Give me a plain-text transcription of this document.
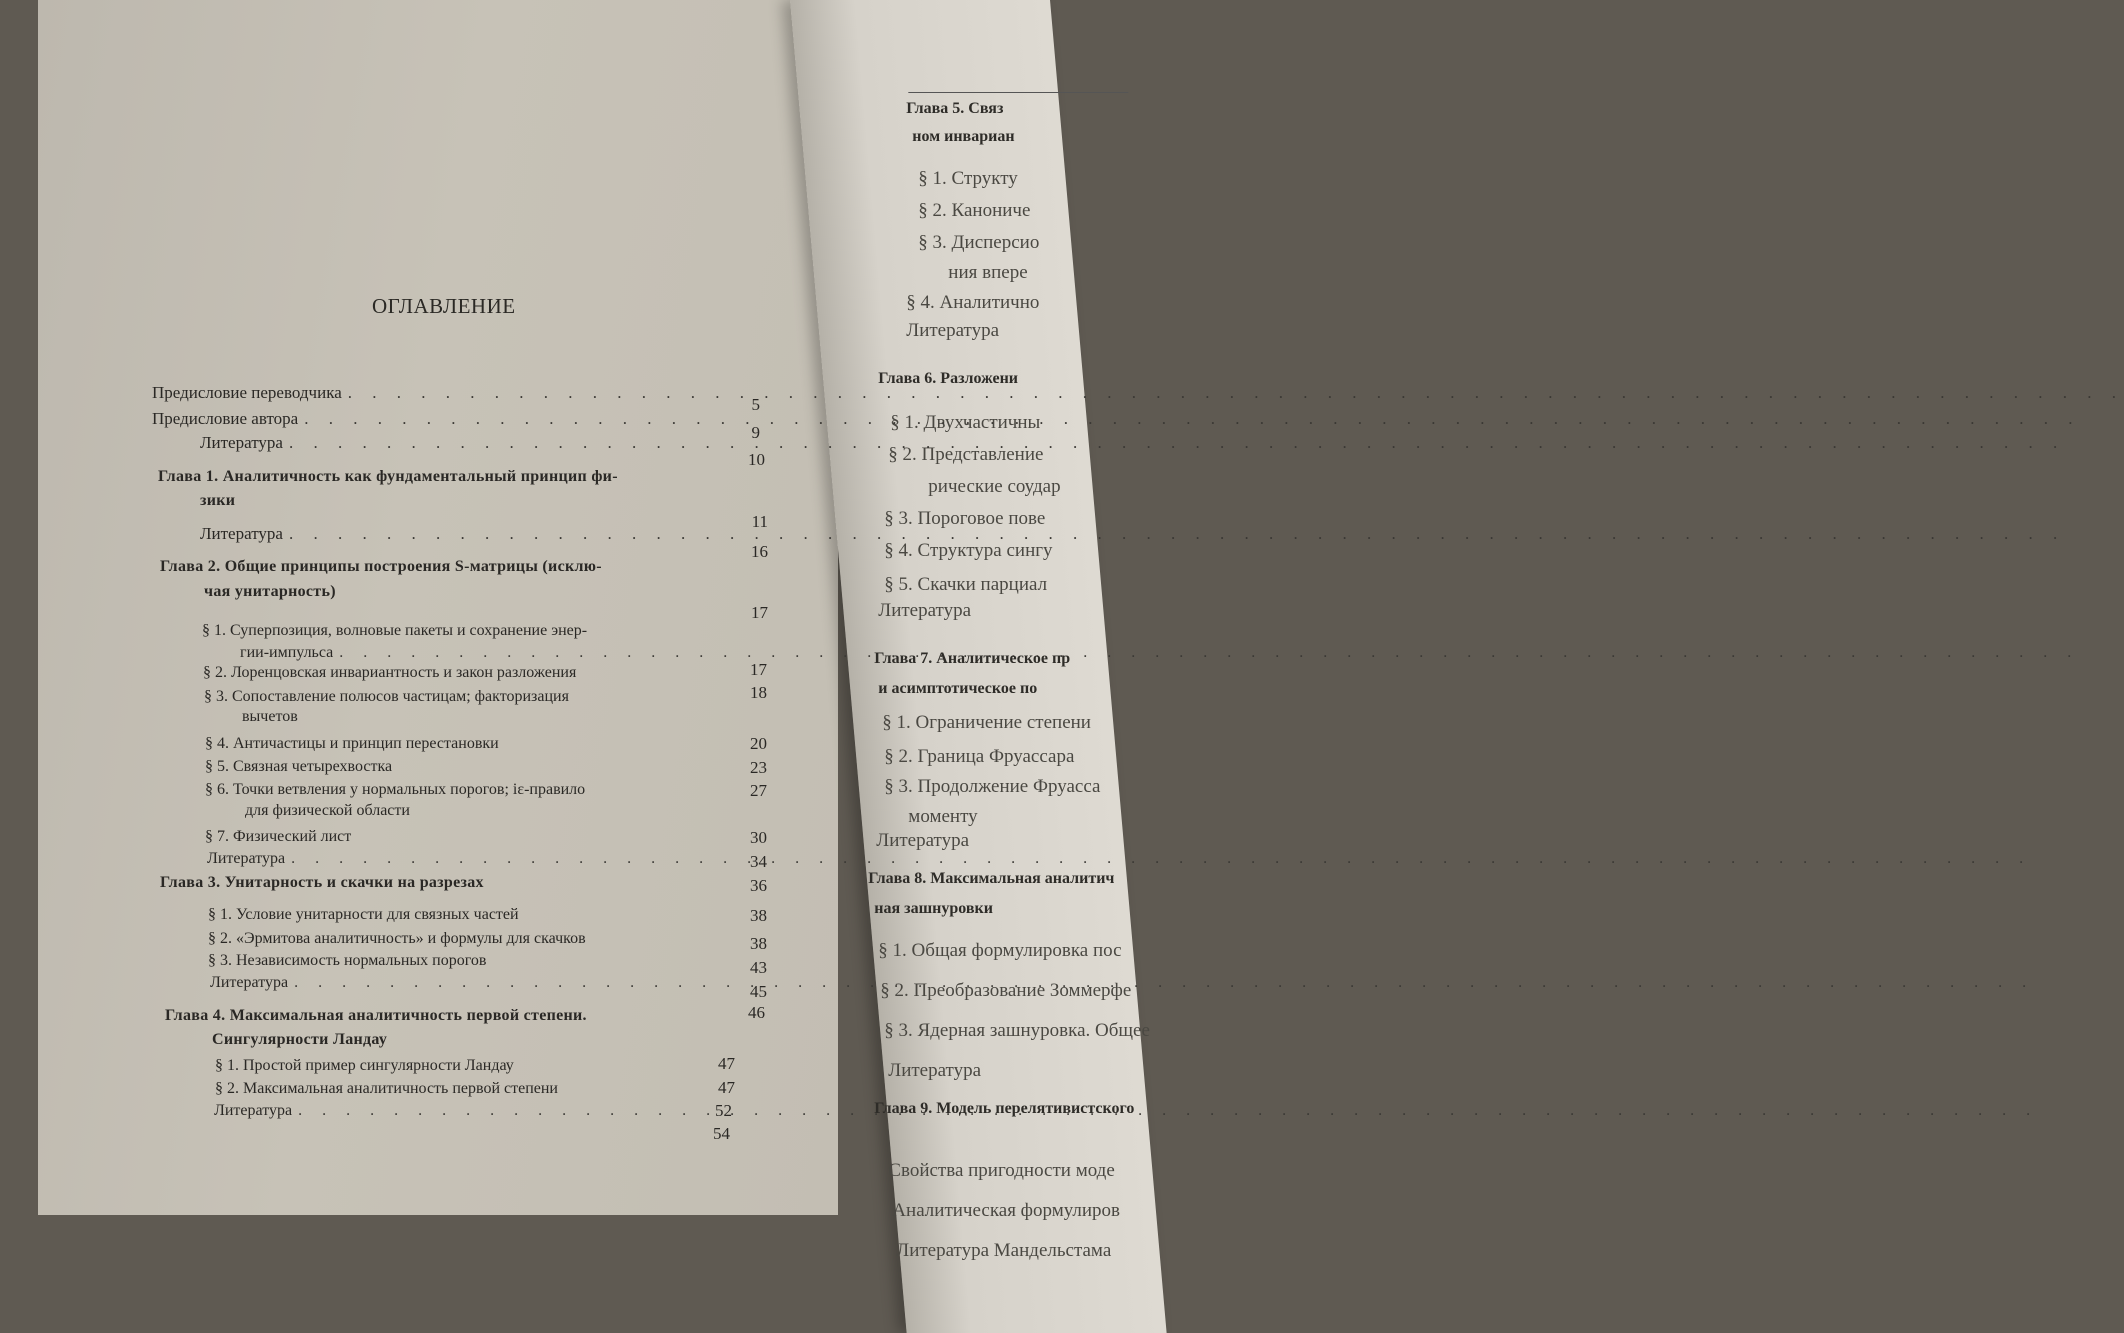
Глава 5. Связ
ном инвариан
§ 1. Структу
§ 2. Канониче
§ 3. Дисперсио
ния впере
§ 4. Аналитично
Литература
Глава 6. Разложени
§ 1. Двухчастичны
§ 2. Представление
рические соудар
§ 3. Пороговое пове
§ 4. Структура сингу
§ 5. Скачки парциал
Литература
Глава 7. Аналитическое пр
и асимптотическое по
§ 1. Ограничение степени
§ 2. Граница Фруассара
§ 3. Продолжение Фруасса
моменту
Литература
Глава 8. Максимальная аналитич
ная зашнуровки
§ 1. Общая формулировка пос
§ 2. Преобразование Зоммерфе
§ 3. Ядерная зашнуровка. Общее
Литература
Глава 9. Модель перелятивистского
Свойства пригодности моде
Аналитическая формулиров
Литература Мандельстама
ОГЛАВЛЕНИЕ
Предисловие переводчика
. . .
5
Предисловие автора
. . .
9
Литература
. . .
10
Глава 1. Аналитичность как фундаментальный принцип фи-
зики
11
Литература
. . .
16
Глава 2. Общие принципы построения S-матрицы (исклю-
чая унитарность)
17
§ 1. Суперпозиция, волновые пакеты и сохранение энер-
гии-импульса
. . .
17
§ 2. Лоренцовская инвариантность и закон разложения
18
§ 3. Сопоставление полюсов частицам; факторизация
вычетов
20
§ 4. Античастицы и принцип перестановки
23
§ 5. Связная четырехвостка
27
§ 6. Точки ветвления у нормальных порогов; iε-правило
для физической области
30
§ 7. Физический лист
34
Литература
. . .
36
Глава 3. Унитарность и скачки на разрезах
38
§ 1. Условие унитарности для связных частей
38
§ 2. «Эрмитова аналитичность» и формулы для скачков
43
§ 3. Независимость нормальных порогов
45
Литература
. . .
46
Глава 4. Максимальная аналитичность первой степени.
Сингулярности Ландау
47
§ 1. Простой пример сингулярности Ландау
47
§ 2. Максимальная аналитичность первой степени
52
Литература
. . .
54
